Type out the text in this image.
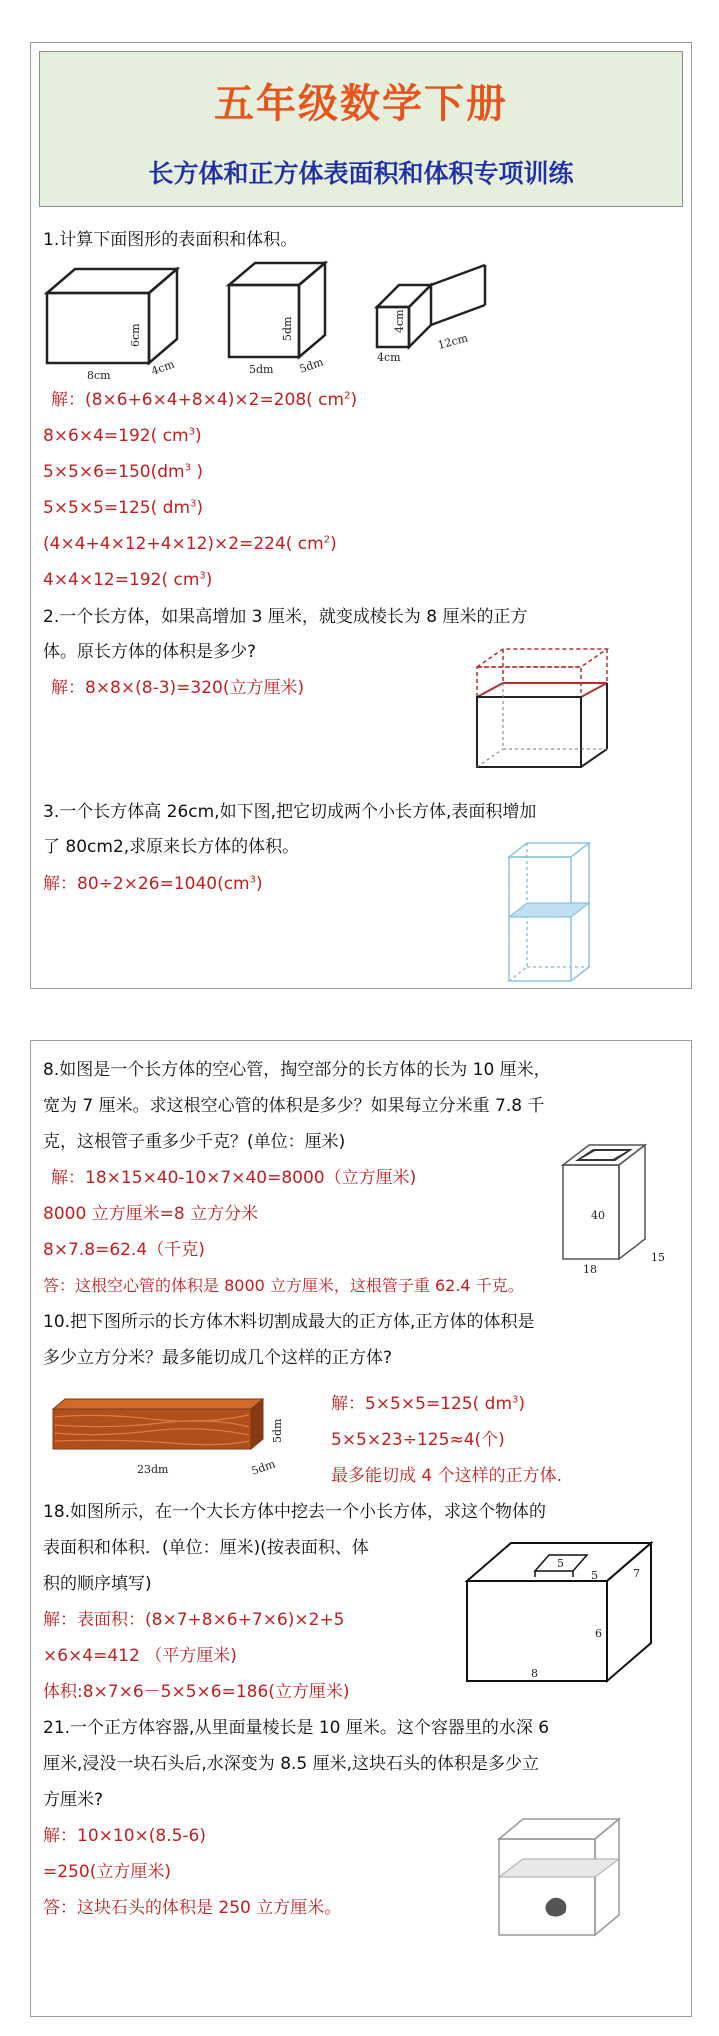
五年级数学下册
长方体和正方体表面积和体积专项训练
1.计算下面图形的表面积和体积。
8cm	4cm
6cm
5dm 5dm
5dm
4cm
4cm
12cm
解：(8×6+6×4+8×4)×2=208( $cm^2$)
8×6×4=192( $cm^3$)
$5\times 5\times 6=150(dm^3$ )
5×5×5=125( $dm^3$)
(4×4+4×12+4×12)×2=224( $cm^2$)
4×4×12=192( $cm^3$)
2.一个长方体，如果高增加 3 厘米，就变成棱长为 8 厘米的正方
体。原长方体的体积是多少?
解：8×8×(8-3)=320(立方厘米)
3.一个长方体高 26cm,如下图,把它切成两个小长方体,表面积增加
了 80cm2,求原来长方体的体积。
解：$80\div 2\times 26=1040(cm^3)$
8.如图是一个长方体的空心管，掏空部分的长方体的长为 10 厘米，
宽为 7 厘米。求这根空心管的体积是多少？如果每立分米重 7.8 千
克，这根管子重多少千克？(单位：厘米)
解：18×15×40-10×7×40=8000（立方厘米)
8000 立方厘米=8 立方分米
8×7.8=62.4（千克)
答：这根空心管的体积是 8000 立方厘米，这根管子重 62.4 千克。
40
18
15
10.把下图所示的长方体木料切割成最大的正方体,正方体的体积是
多少立方分米？最多能切成几个这样的正方体?
23dm	5dm
5dm
解：5×5×5=125( $dm^3$)
5×5×23÷125≈4(个)
最多能切成 4 个这样的正方体.
18.如图所示，在一个大长方体中挖去一个小长方体，求这个物体的
表面积和体积．(单位：厘米)(按表面积、体
积的顺序填写)
解：表面积：(8×7+8×6+7×6)×2+5
×6×4=412 （平方厘米)
体积:8×7×6－5×5×6=186(立方厘米)
5
5	7
6
8
21.一个正方体容器,从里面量棱长是 10 厘米。这个容器里的水深 6
厘米,浸没一块石头后,水深变为 8.5 厘米,这块石头的体积是多少立
方厘米?
解：10×10×(8.5-6)
=250(立方厘米)
答：这块石头的体积是 250 立方厘米。
